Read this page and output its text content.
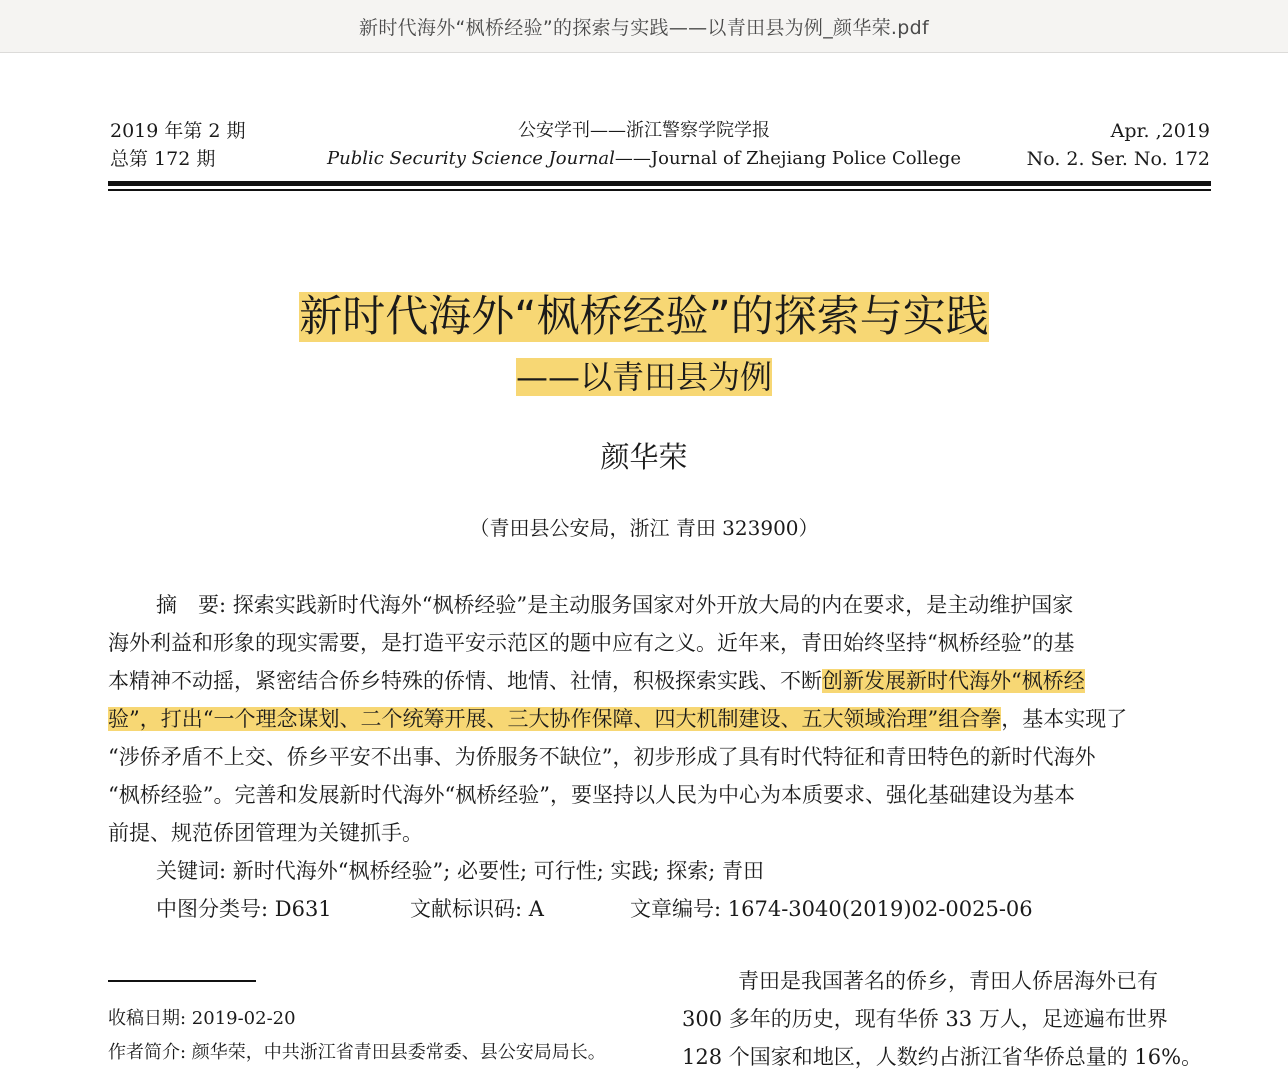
新时代海外“枫桥经验”的探索与实践——以青田县为例_颜华荣.pdf
2019 年第 2 期
总第 172 期
公安学刊——浙江警察学院学报
Public Security Science Journal——Journal of Zhejiang Police College
Apr. ,2019
No. 2. Ser. No. 172
新时代海外“枫桥经验”的探索与实践
——以青田县为例
颜华荣
（青田县公安局，浙江 青田 323900）
摘　要: 探索实践新时代海外“枫桥经验”是主动服务国家对外开放大局的内在要求，是主动维护国家
海外利益和形象的现实需要，是打造平安示范区的题中应有之义。近年来，青田始终坚持“枫桥经验”的基
本精神不动摇，紧密结合侨乡特殊的侨情、地情、社情，积极探索实践、不断创新发展新时代海外“枫桥经
验”，打出“一个理念谋划、二个统筹开展、三大协作保障、四大机制建设、五大领域治理”组合拳，基本实现了
“涉侨矛盾不上交、侨乡平安不出事、为侨服务不缺位”，初步形成了具有时代特征和青田特色的新时代海外
“枫桥经验”。完善和发展新时代海外“枫桥经验”，要坚持以人民为中心为本质要求、强化基础建设为基本
前提、规范侨团管理为关键抓手。
关键词: 新时代海外“枫桥经验”; 必要性; 可行性; 实践; 探索; 青田
中图分类号: D631	文献标识码: A	文章编号: 1674-3040(2019)02-0025-06
收稿日期: 2019-02-20
作者简介: 颜华荣，中共浙江省青田县委常委、县公安局局长。
青田是我国著名的侨乡，青田人侨居海外已有
300 多年的历史，现有华侨 33 万人，足迹遍布世界
128 个国家和地区，人数约占浙江省华侨总量的 16%。
